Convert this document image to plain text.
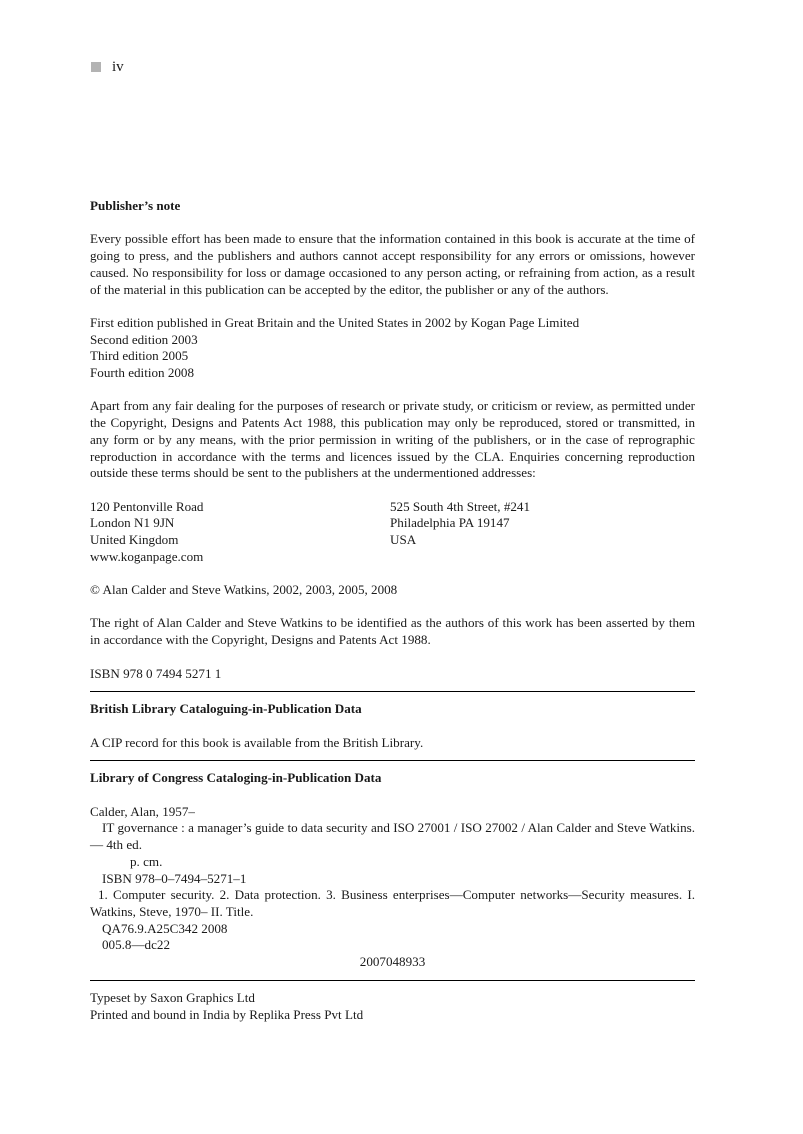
iv

Publisher’s note

Every possible effort has been made to ensure that the information contained in this book is accurate at the time of going to press, and the publishers and authors cannot accept responsibility for any errors or omissions, however caused. No responsibility for loss or damage occasioned to any person acting, or refraining from action, as a result of the material in this publication can be accepted by the editor, the publisher or any of the authors.

First edition published in Great Britain and the United States in 2002 by Kogan Page Limited

Second edition 2003

Third edition 2005

Fourth edition 2008

Apart from any fair dealing for the purposes of research or private study, or criticism or review, as permitted under the Copyright, Designs and Patents Act 1988, this publication may only be reproduced, stored or transmitted, in any form or by any means, with the prior permission in writing of the publishers, or in the case of reprographic reproduction in accordance with the terms and licences issued by the CLA. Enquiries concerning reproduction outside these terms should be sent to the publishers at the undermentioned addresses:

120 Pentonville Road

London N1 9JN

United Kingdom

www.koganpage.com

525 South 4th Street, #241

Philadelphia PA 19147

USA

© Alan Calder and Steve Watkins, 2002, 2003, 2005, 2008

The right of Alan Calder and Steve Watkins to be identified as the authors of this work has been asserted by them in accordance with the Copyright, Designs and Patents Act 1988.

ISBN 978 0 7494 5271 1

British Library Cataloguing-in-Publication Data

A CIP record for this book is available from the British Library.

Library of Congress Cataloging-in-Publication Data

Calder, Alan, 1957–

IT governance : a manager’s guide to data security and ISO 27001 / ISO 27002 / Alan Calder and Steve Watkins. — 4th ed.

p. cm.

ISBN 978–0–7494–5271–1

1. Computer security. 2. Data protection. 3. Business enterprises—Computer networks—Security measures. I. Watkins, Steve, 1970– II. Title.

QA76.9.A25C342 2008

005.8—dc22

2007048933

Typeset by Saxon Graphics Ltd

Printed and bound in India by Replika Press Pvt Ltd
